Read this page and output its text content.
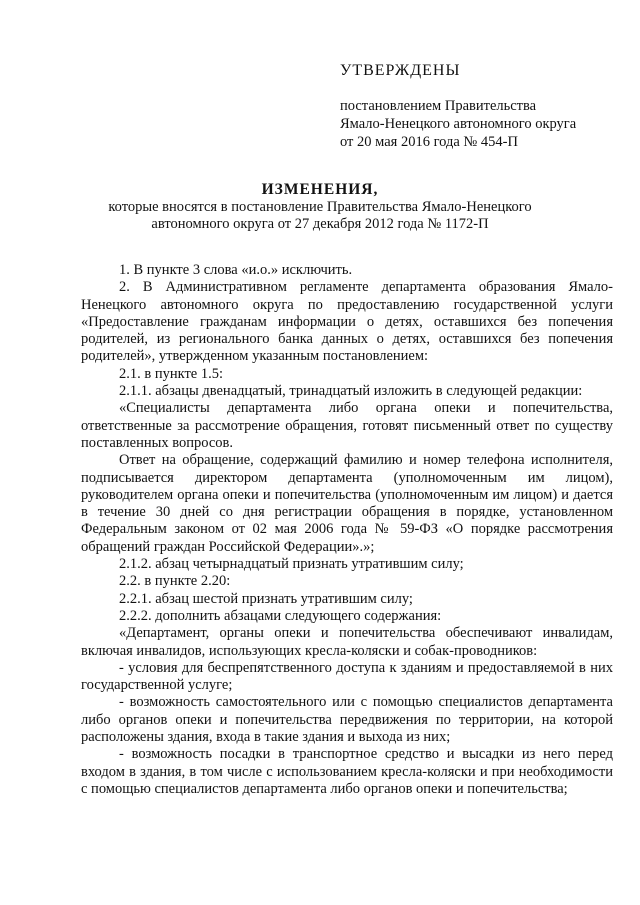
УТВЕРЖДЕНЫ

постановлением Правительства

Ямало-Ненецкого автономного округа

от 20 мая 2016 года № 454-П

ИЗМЕНЕНИЯ,

которые вносятся в постановление Правительства Ямало-Ненецкого автономного округа от 27 декабря 2012 года № 1172-П

1. В пункте 3 слова «и.о.» исключить.

2. В Административном регламенте департамента образования Ямало-Ненецкого автономного округа по предоставлению государственной услуги «Предоставление гражданам информации о детях, оставшихся без попечения родителей, из регионального банка данных о детях, оставшихся без попечения родителей», утвержденном указанным постановлением:

2.1. в пункте 1.5:

2.1.1. абзацы двенадцатый, тринадцатый изложить в следующей редакции:

«Специалисты департамента либо органа опеки и попечительства, ответственные за рассмотрение обращения, готовят письменный ответ по существу поставленных вопросов.

Ответ на обращение, содержащий фамилию и номер телефона исполнителя, подписывается директором департамента (уполномоченным им лицом), руководителем органа опеки и попечительства (уполномоченным им лицом) и дается в течение 30 дней со дня регистрации обращения в порядке, установленном Федеральным законом от 02 мая 2006 года № 59-ФЗ «О порядке рассмотрения обращений граждан Российской Федерации».»;

2.1.2. абзац четырнадцатый признать утратившим силу;

2.2. в пункте 2.20:

2.2.1. абзац шестой признать утратившим силу;

2.2.2. дополнить абзацами следующего содержания:

«Департамент, органы опеки и попечительства обеспечивают инвалидам, включая инвалидов, использующих кресла-коляски и собак-проводников:

- условия для беспрепятственного доступа к зданиям и предоставляемой в них государственной услуге;

- возможность самостоятельного или с помощью специалистов департамента либо органов опеки и попечительства передвижения по территории, на которой расположены здания, входа в такие здания и выхода из них;

- возможность посадки в транспортное средство и высадки из него перед входом в здания, в том числе с использованием кресла-коляски и при необходимости с помощью специалистов департамента либо органов опеки и попечительства;
